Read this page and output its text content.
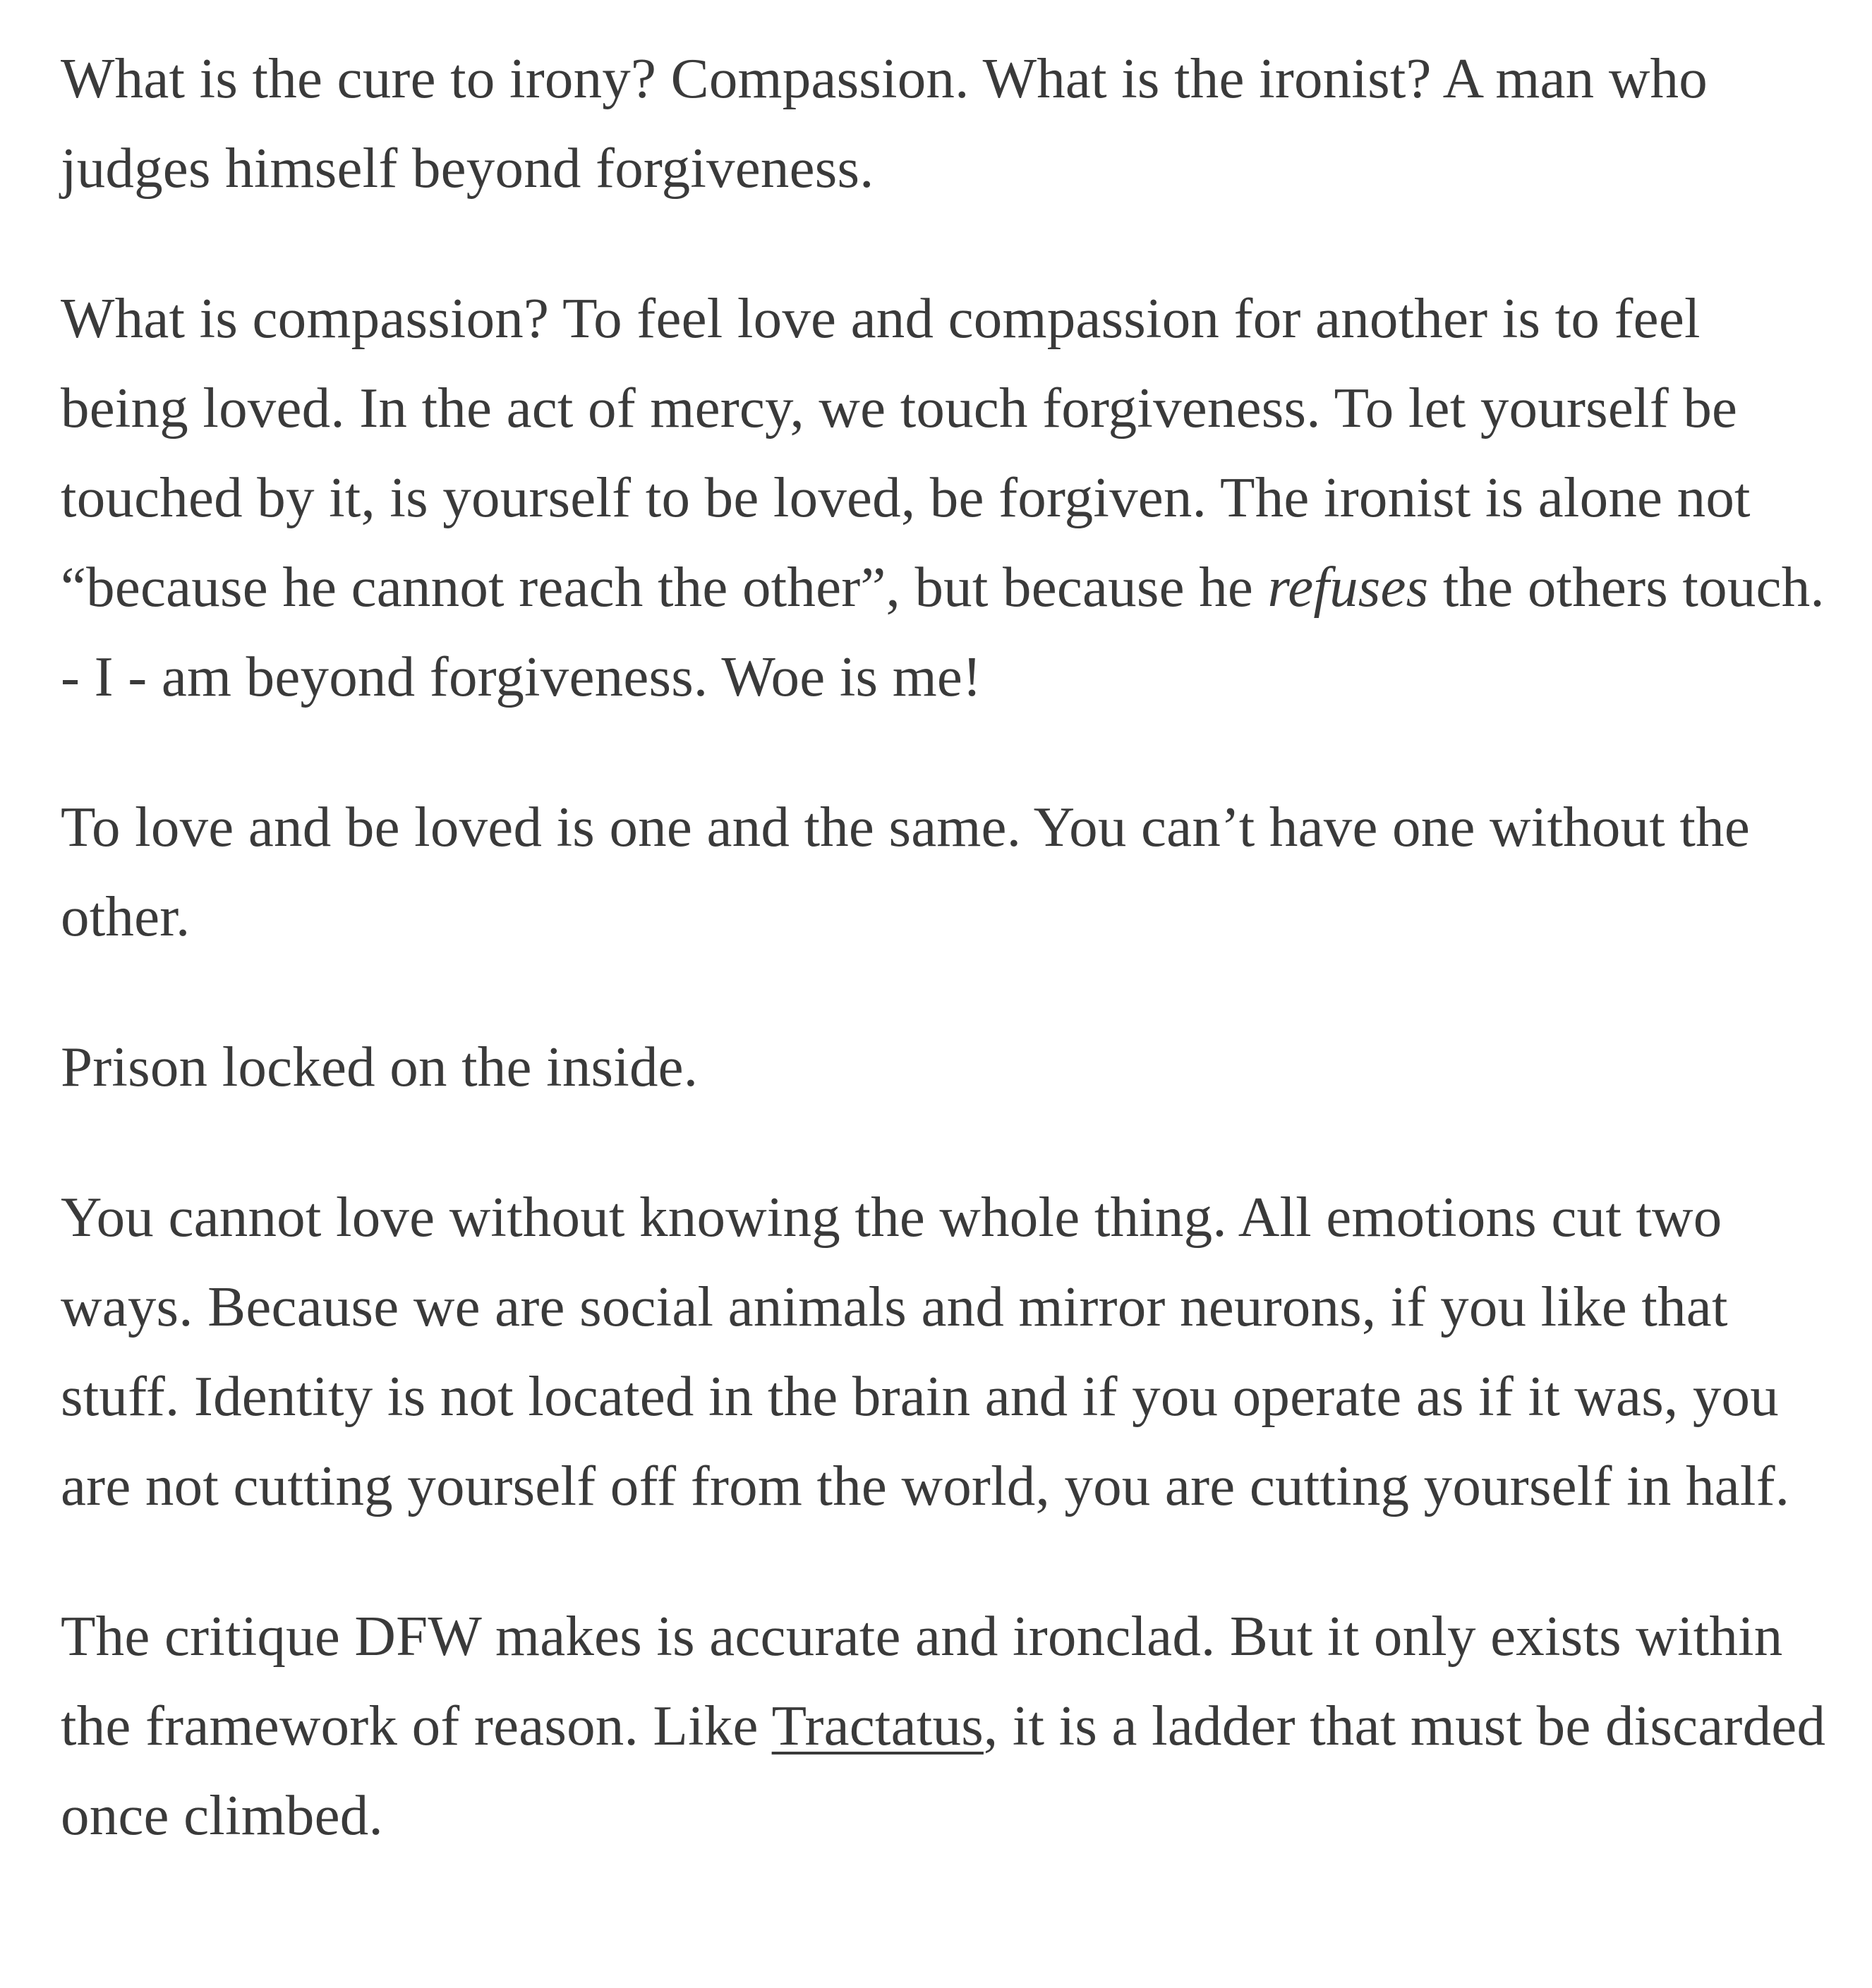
What is the cure to irony? Compassion. What is the ironist? A man who judges himself beyond forgiveness.

What is compassion? To feel love and compassion for another is to feel being loved. In the act of mercy, we touch forgiveness. To let yourself be touched by it, is yourself to be loved, be forgiven. The ironist is alone not “because he cannot reach the other”, but because he refuses the others touch. - I - am beyond forgiveness. Woe is me!

To love and be loved is one and the same. You can’t have one without the other.

Prison locked on the inside.

You cannot love without knowing the whole thing. All emotions cut two ways. Because we are social animals and mirror neurons, if you like that stuff. Identity is not located in the brain and if you operate as if it was, you are not cutting yourself off from the world, you are cutting yourself in half.

The critique DFW makes is accurate and ironclad. But it only exists within the framework of reason. Like Tractatus, it is a ladder that must be discarded once climbed.
